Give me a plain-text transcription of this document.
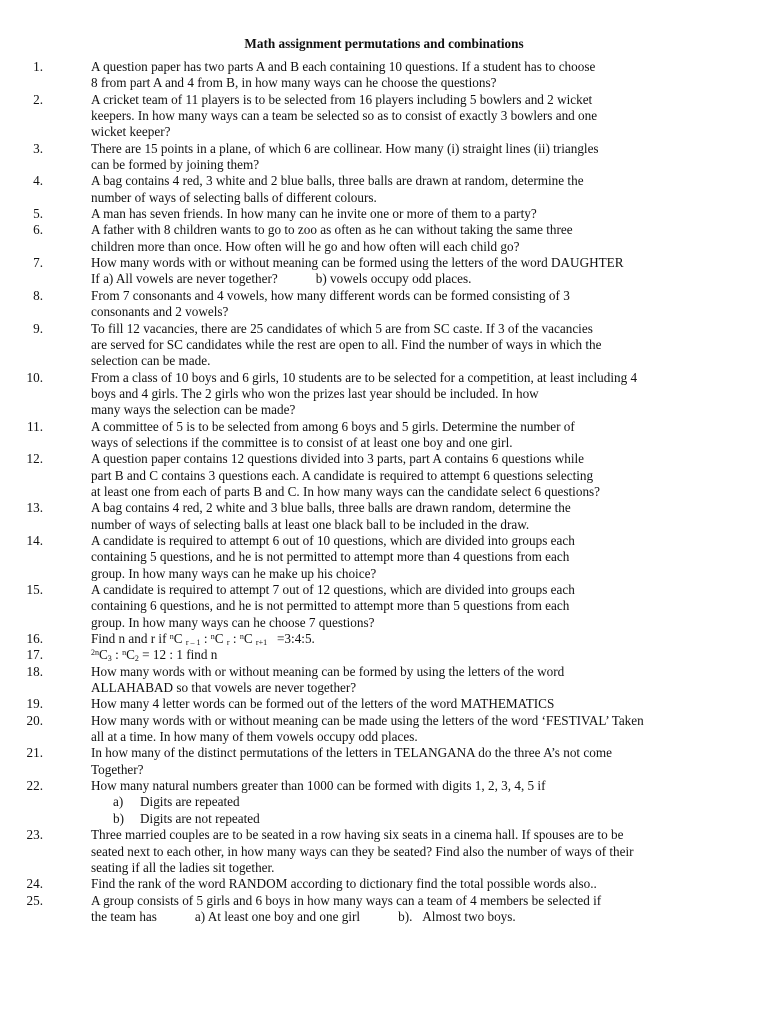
Math assignment permutations and combinations
1.	A question paper has two parts A and B each containing 10 questions. If a student has to choose
8 from part A and 4 from B, in how many ways can he choose the questions?
2.	A cricket team of 11 players is to be selected from 16 players including 5 bowlers and 2 wicket
keepers. In how many ways can a team be selected so as to consist of exactly 3 bowlers and one
wicket keeper?
3.	There are 15 points in a plane, of which 6 are collinear. How many (i) straight lines (ii) triangles
can be formed by joining them?
4.	A bag contains 4 red, 3 white and 2 blue balls, three balls are drawn at random, determine the
number of ways of selecting balls of different colours.
5.	A man has seven friends. In how many can he invite one or more of them to a party?
6.	A father with 8 children wants to go to zoo as often as he can without taking the same three
children more than once. How often will he go and how often will each child go?
7.	How many words with or without meaning can be formed using the letters of the word DAUGHTER
If a) All vowels are never together?	b) vowels occupy odd places.
8.	From 7 consonants and 4 vowels, how many different words can be formed consisting of 3
consonants and 2 vowels?
9.	To fill 12 vacancies, there are 25 candidates of which 5 are from SC caste. If 3 of the vacancies
are served for SC candidates while the rest are open to all. Find the number of ways in which the
selection can be made.
10.	From a class of 10 boys and 6 girls, 10 students are to be selected for a competition, at least including 4
boys and 4 girls. The 2 girls who won the prizes last year should be included. In how
many ways the selection can be made?
11.	A committee of 5 is to be selected from among 6 boys and 5 girls. Determine the number of
ways of selections if the committee is to consist of at least one boy and one girl.
12.	A question paper contains 12 questions divided into 3 parts, part A contains 6 questions while
part B and C contains 3 questions each. A candidate is required to attempt 6 questions selecting
at least one from each of parts B and C. In how many ways can the candidate select 6 questions?
13.	A bag contains 4 red, 2 white and 3 blue balls, three balls are drawn random, determine the
number of ways of selecting balls at least one black ball to be included in the draw.
14.	A candidate is required to attempt 6 out of 10 questions, which are divided into groups each
containing 5 questions, and he is not permitted to attempt more than 4 questions from each
group. In how many ways can he make up his choice?
15.	A candidate is required to attempt 7 out of 12 questions, which are divided into groups each
containing 6 questions, and he is not permitted to attempt more than 5 questions from each
group. In how many ways can he choose 7 questions?
16.	Find n and r if $^n$C $_{r - 1}$ : $^n$C $_r$ : $^n$C $_{r+1}$ =3:4:5.
17.	$^{2n}C_3$ : $^nC_2 = 12$ : 1 find n
18.	How many words with or without meaning can be formed by using the letters of the word
ALLAHABAD so that vowels are never together?
19.	How many 4 letter words can be formed out of the letters of the word MATHEMATICS
20.	How many words with or without meaning can be made using the letters of the word ‘FESTIVAL’ Taken
all at a time. In how many of them vowels occupy odd places.
21.	In how many of the distinct permutations of the letters in TELANGANA do the three A’s not come
Together?
22.	How many natural numbers greater than 1000 can be formed with digits 1, 2, 3, 4, 5 if
a) Digits are repeated
b) Digits are not repeated
23.	Three married couples are to be seated in a row having six seats in a cinema hall. If spouses are to be
seated next to each other, in how many ways can they be seated? Find also the number of ways of their
seating if all the ladies sit together.
24.	Find the rank of the word RANDOM according to dictionary find the total possible words also..
25.	A group consists of 5 girls and 6 boys in how many ways can a team of 4 members be selected if
the team has	a) At least one boy and one girl	b). Almost two boys.
